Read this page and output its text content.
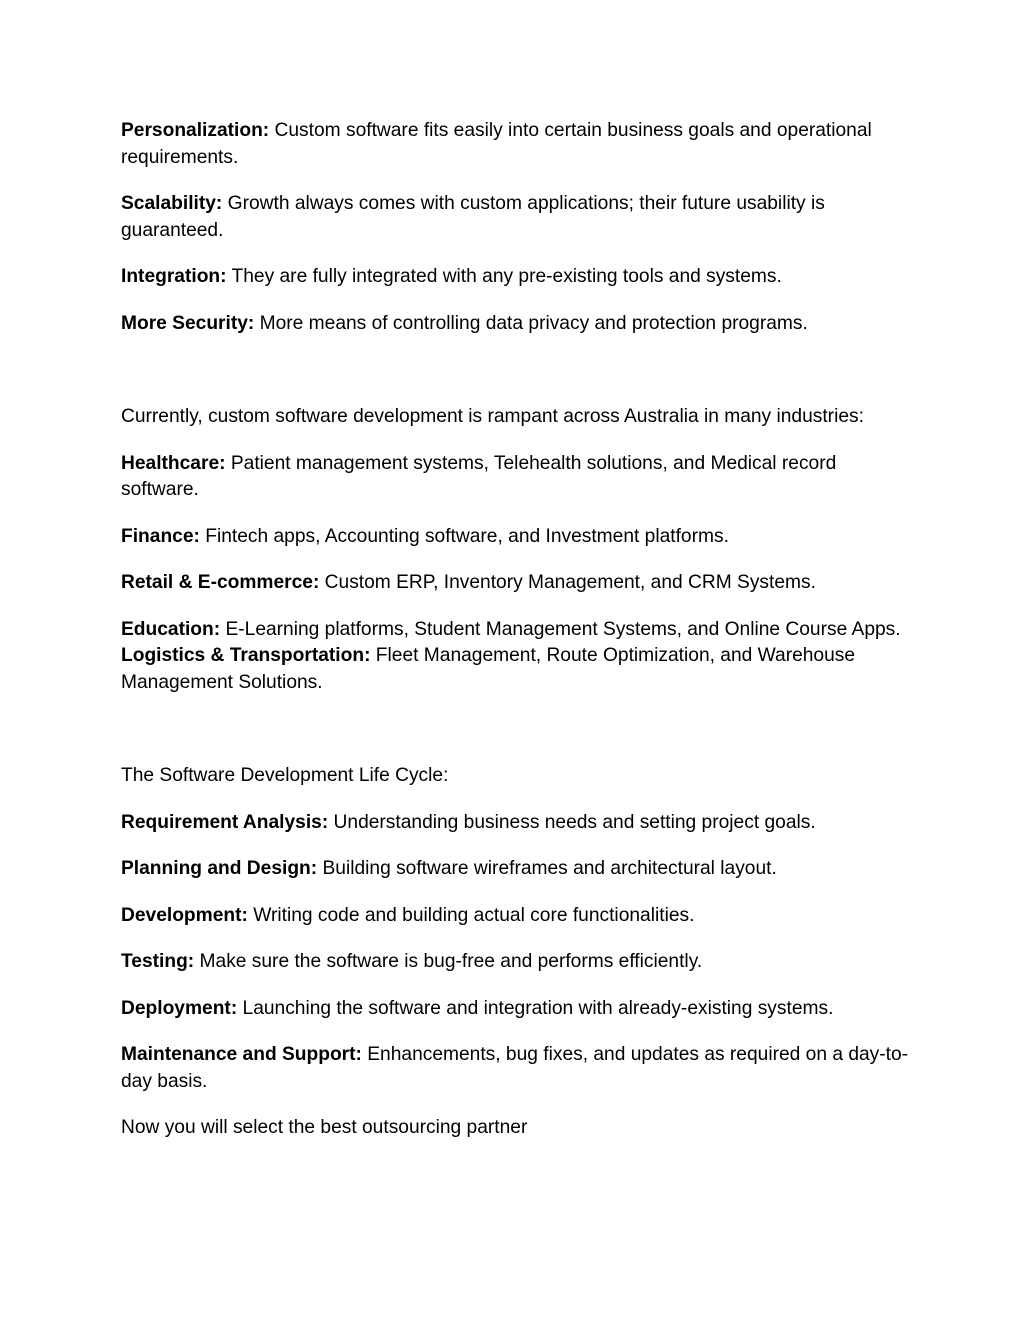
Personalization: Custom software fits easily into certain business goals and operational requirements.

Scalability: Growth always comes with custom applications; their future usability is guaranteed.

Integration: They are fully integrated with any pre-existing tools and systems.

More Security: More means of controlling data privacy and protection programs.

Currently, custom software development is rampant across Australia in many industries:

Healthcare: Patient management systems, Telehealth solutions, and Medical record software.

Finance: Fintech apps, Accounting software, and Investment platforms.

Retail & E-commerce: Custom ERP, Inventory Management, and CRM Systems.

Education: E-Learning platforms, Student Management Systems, and Online Course Apps.

Logistics & Transportation: Fleet Management, Route Optimization, and Warehouse Management Solutions.

The Software Development Life Cycle:

Requirement Analysis: Understanding business needs and setting project goals.

Planning and Design: Building software wireframes and architectural layout.

Development: Writing code and building actual core functionalities.

Testing: Make sure the software is bug-free and performs efficiently.

Deployment: Launching the software and integration with already-existing systems.

Maintenance and Support: Enhancements, bug fixes, and updates as required on a day-to-day basis.

Now you will select the best outsourcing partner
